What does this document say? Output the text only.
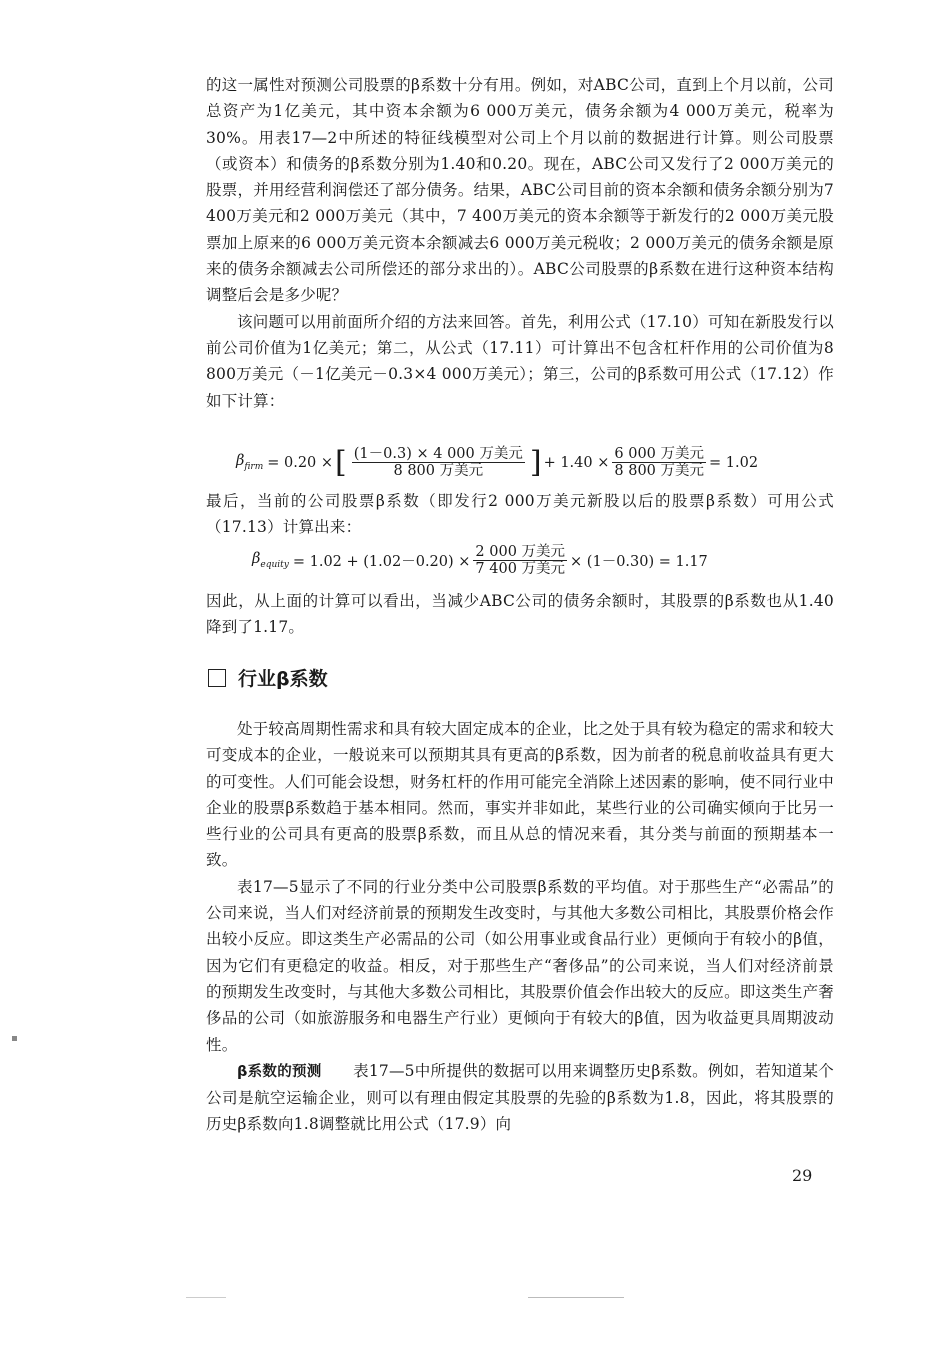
的这一属性对预测公司股票的β系数十分有用。例如，对ABC公司，直到上个月以前，公司总资产为1亿美元，其中资本余额为6 000万美元，债务余额为4 000万美元，税率为30%。用表17—2中所述的特征线模型对公司上个月以前的数据进行计算。则公司股票（或资本）和债务的β系数分别为1.40和0.20。现在，ABC公司又发行了2 000万美元的股票，并用经营利润偿还了部分债务。结果，ABC公司目前的资本余额和债务余额分别为7 400万美元和2 000万美元（其中，7 400万美元的资本余额等于新发行的2 000万美元股票加上原来的6 000万美元资本余额减去6 000万美元税收；2 000万美元的债务余额是原来的债务余额减去公司所偿还的部分求出的）。ABC公司股票的β系数在进行这种资本结构调整后会是多少呢？

该问题可以用前面所介绍的方法来回答。首先，利用公式（17.10）可知在新股发行以前公司价值为1亿美元；第二，从公式（17.11）可计算出不包含杠杆作用的公司价值为8 800万美元（－1亿美元－0.3×4 000万美元）；第三，公司的β系数可用公式（17.12）作如下计算：

$\beta_{firm} = 0.20$ × [ $\frac{\text{(1－0.3) × 4 000 万美元}}{\text{8 800 万美元}}$ ] + $1.40 \times \frac{\text{6 000 万美元}}{\text{8 800 万美元}} = 1.02$

最后，当前的公司股票β系数（即发行2 000万美元新股以后的股票β系数）可用公式（17.13）计算出来：

$\beta_{equity} = 1.02 + (1.02-0.20) \times \frac{\text{2 000 万美元}}{\text{7 400 万美元}} \times (1-0.30) = 1.17$

因此，从上面的计算可以看出，当减少ABC公司的债务余额时，其股票的β系数也从1.40降到了1.17。

行业β系数

处于较高周期性需求和具有较大固定成本的企业，比之处于具有较为稳定的需求和较大可变成本的企业，一般说来可以预期其具有更高的β系数，因为前者的税息前收益具有更大的可变性。人们可能会设想，财务杠杆的作用可能完全消除上述因素的影响，使不同行业中企业的股票β系数趋于基本相同。然而，事实并非如此，某些行业的公司确实倾向于比另一些行业的公司具有更高的股票β系数，而且从总的情况来看，其分类与前面的预期基本一致。

表17—5显示了不同的行业分类中公司股票β系数的平均值。对于那些生产“必需品”的公司来说，当人们对经济前景的预期发生改变时，与其他大多数公司相比，其股票价格会作出较小反应。即这类生产必需品的公司（如公用事业或食品行业）更倾向于有较小的β值，因为它们有更稳定的收益。相反，对于那些生产“奢侈品”的公司来说，当人们对经济前景的预期发生改变时，与其他大多数公司相比，其股票价值会作出较大的反应。即这类生产奢侈品的公司（如旅游服务和电器生产行业）更倾向于有较大的β值，因为收益更具周期波动性。

β系数的预测　　 表17—5中所提供的数据可以用来调整历史β系数。例如，若知道某个公司是航空运输企业，则可以有理由假定其股票的先验的β系数为1.8，因此，将其股票的历史β系数向1.8调整就比用公式（17.9）向

29
